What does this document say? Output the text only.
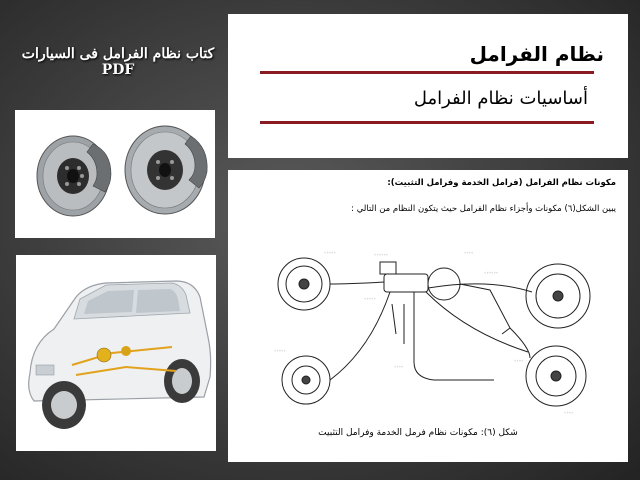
كتاب نظام الفرامل فى السيارات PDF
نظام الفرامل
أساسيات نظام الفرامل
مكونات نظام الفرامل (فرامل الخدمة وفرامل التثبيت):
يبين الشكل(٦) مكونات وأجزاء نظام الفرامل حيث يتكون النظام من التالي :
◦◦◦◦◦	◦◦◦◦◦◦	◦◦◦◦
◦◦◦◦◦◦
◦◦◦◦◦
◦◦◦◦
◦◦◦◦
◦◦◦◦◦
◦◦◦◦
شكل (٦): مكونات نظام فرمل الخدمة وفرامل التثبيت
